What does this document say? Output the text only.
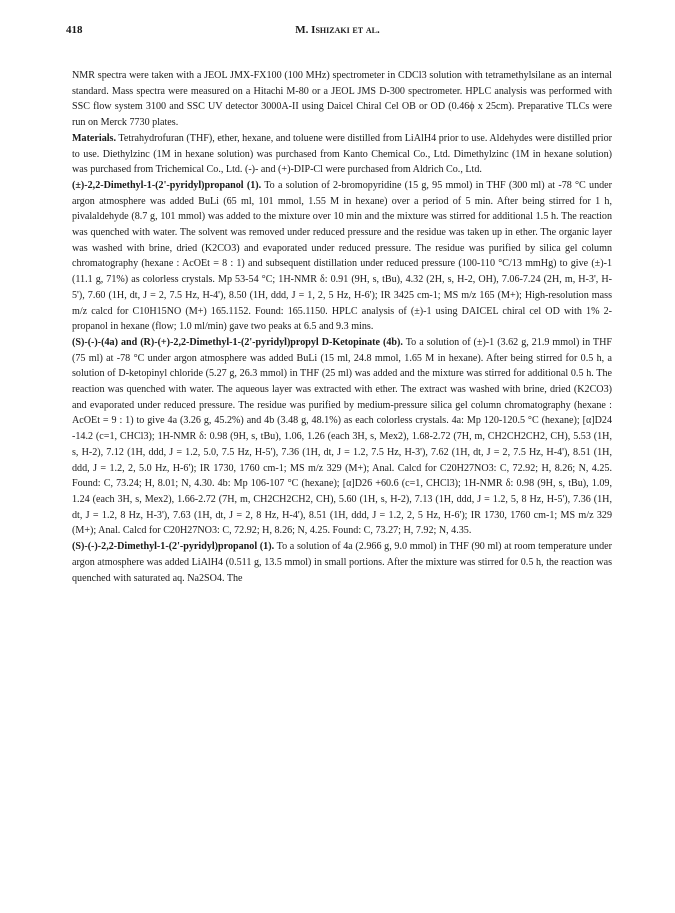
418	M. Ishizaki et al.

NMR spectra were taken with a JEOL JMX-FX100 (100 MHz) spectrometer in CDCl3 solution with tetramethylsilane as an internal standard. Mass spectra were measured on a Hitachi M-80 or a JEOL JMS D-300 spectrometer. HPLC analysis was performed with SSC flow system 3100 and SSC UV detector 3000A-II using Daicel Chiral Cel OB or OD (0.46ϕ x 25cm). Preparative TLCs were run on Merck 7730 plates.

Materials. Tetrahydrofuran (THF), ether, hexane, and toluene were distilled from LiAlH4 prior to use. Aldehydes were distilled prior to use. Diethylzinc (1M in hexane solution) was purchased from Kanto Chemical Co., Ltd. Dimethylzinc (1M in hexane solution) was purchased from Trichemical Co., Ltd. (-)- and (+)-DIP-Cl were purchased from Aldrich Co., Ltd.

(±)-2,2-Dimethyl-1-(2'-pyridyl)propanol (1). To a solution of 2-bromopyridine (15 g, 95 mmol) in THF (300 ml) at -78 °C under argon atmosphere was added BuLi (65 ml, 101 mmol, 1.55 M in hexane) over a period of 5 min. After being stirred for 1 h, pivalaldehyde (8.7 g, 101 mmol) was added to the mixture over 10 min and the mixture was stirred for additional 1.5 h. The reaction was quenched with water. The solvent was removed under reduced pressure and the residue was taken up in ether. The organic layer was washed with brine, dried (K2CO3) and evaporated under reduced pressure. The residue was purified by silica gel column chromatography (hexane : AcOEt = 8 : 1) and subsequent distillation under reduced pressure (100-110 °C/13 mmHg) to give (±)-1 (11.1 g, 71%) as colorless crystals. Mp 53-54 °C; 1H-NMR δ: 0.91 (9H, s, tBu), 4.32 (2H, s, H-2, OH), 7.06-7.24 (2H, m, H-3', H-5'), 7.60 (1H, dt, J = 2, 7.5 Hz, H-4'), 8.50 (1H, ddd, J = 1, 2, 5 Hz, H-6'); IR 3425 cm-1; MS m/z 165 (M+); High-resolution mass m/z calcd for C10H15NO (M+) 165.1152. Found: 165.1150. HPLC analysis of (±)-1 using DAICEL chiral cel OD with 1% 2-propanol in hexane (flow; 1.0 ml/min) gave two peaks at 6.5 and 9.3 mins.

(S)-(-)-(4a) and (R)-(+)-2,2-Dimethyl-1-(2'-pyridyl)propyl D-Ketopinate (4b). To a solution of (±)-1 (3.62 g, 21.9 mmol) in THF (75 ml) at -78 °C under argon atmosphere was added BuLi (15 ml, 24.8 mmol, 1.65 M in hexane). After being stirred for 0.5 h, a solution of D-ketopinyl chloride (5.27 g, 26.3 mmol) in THF (25 ml) was added and the mixture was stirred for additional 0.5 h. The reaction was quenched with water. The aqueous layer was extracted with ether. The extract was washed with brine, dried (K2CO3) and evaporated under reduced pressure. The residue was purified by medium-pressure silica gel column chromatography (hexane : AcOEt = 9 : 1) to give 4a (3.26 g, 45.2%) and 4b (3.48 g, 48.1%) as each colorless crystals. 4a: Mp 120-120.5 °C (hexane); [α]D24 -14.2 (c=1, CHCl3); 1H-NMR δ: 0.98 (9H, s, tBu), 1.06, 1.26 (each 3H, s, Mex2), 1.68-2.72 (7H, m, CH2CH2CH2, CH), 5.53 (1H, s, H-2), 7.12 (1H, ddd, J = 1.2, 5.0, 7.5 Hz, H-5'), 7.36 (1H, dt, J = 1.2, 7.5 Hz, H-3'), 7.62 (1H, dt, J = 2, 7.5 Hz, H-4'), 8.51 (1H, ddd, J = 1.2, 2, 5.0 Hz, H-6'); IR 1730, 1760 cm-1; MS m/z 329 (M+); Anal. Calcd for C20H27NO3: C, 72.92; H, 8.26; N, 4.25. Found: C, 73.24; H, 8.01; N, 4.30. 4b: Mp 106-107 °C (hexane); [α]D26 +60.6 (c=1, CHCl3); 1H-NMR δ: 0.98 (9H, s, tBu), 1.09, 1.24 (each 3H, s, Mex2), 1.66-2.72 (7H, m, CH2CH2CH2, CH), 5.60 (1H, s, H-2), 7.13 (1H, ddd, J = 1.2, 5, 8 Hz, H-5'), 7.36 (1H, dt, J = 1.2, 8 Hz, H-3'), 7.63 (1H, dt, J = 2, 8 Hz, H-4'), 8.51 (1H, ddd, J = 1.2, 2, 5 Hz, H-6'); IR 1730, 1760 cm-1; MS m/z 329 (M+); Anal. Calcd for C20H27NO3: C, 72.92; H, 8.26; N, 4.25. Found: C, 73.27; H, 7.92; N, 4.35.

(S)-(-)-2,2-Dimethyl-1-(2'-pyridyl)propanol (1). To a solution of 4a (2.966 g, 9.0 mmol) in THF (90 ml) at room temperature under argon atmosphere was added LiAlH4 (0.511 g, 13.5 mmol) in small portions. After the mixture was stirred for 0.5 h, the reaction was quenched with saturated aq. Na2SO4. The
